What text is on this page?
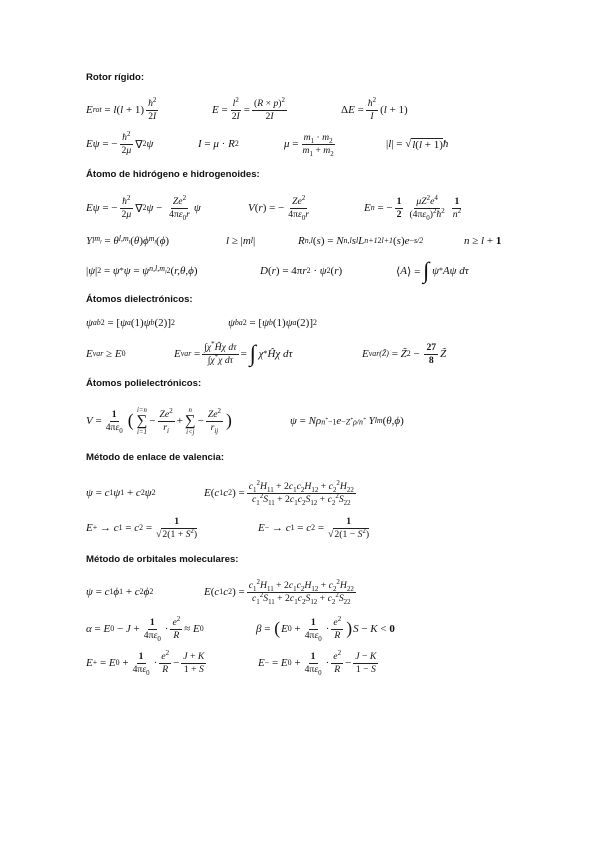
Rotor rígido:
E rot
= l ( l + 1)
$ħ^2$
2I	$E = \frac{l^2}{2I} = \frac{(R \times p)^2}{2I}$	Δ $E = \frac{ħ^2}{I}$ ( l + 1)
Eψ = − $\frac{ħ^2}{2\mu}$ ∇ 2 ψ	I = μ · R 2	$\mu = \frac{m_1 \cdot m_2}{m_1 + m_2}$	| l |
=
√ l(l + 1) ħ
Átomo de hidrógeno e hidrogenoides:
Eψ = − $\frac{ħ^2}{2\mu}$ ∇ 2 $\psi - \frac{Ze^2}{4\pi\varepsilon_0r}$ ψ	V ( r ) = − $\frac{Ze^2}{4\pi\varepsilon_0r}$	E n
= − $\frac{1}{2} \mu Z^2e^4$
$(4\pi\varepsilon_0)^2ħ^2$
1
$n^2$
Y l $m_l$
= θ $l,m_l$ ( θ ) ϕ $m_l$ ( ϕ )	l ≥ | m l |	R n,l ( s ) = N n,l s l L n+1 2l+1 ( s ) e −s/2	n ≥ l + 1
| ψ | 2
= ψ * ψ = ψ $n,l,m_l$ 2 ( r,θ,ϕ )	D ( r ) = 4π r 2 · ψ 2 ( r )	⟨ A ⟩ = ∫ ψ * Aψ dτ
Átomos dielectrónicos:
ψ ab 2
= [ ψ a (1) ψ b (2)] 2	ψ ba 2
= [ ψ b (1) ψ a (2)] 2
E var
≥ E 0	E var
= $\frac{\int\chi^*Ĥ\chi d\tau}{\int\chi^*\chi d\tau}$ =
∫ χ * Ĥχ dτ	E var (Z̃)
= Z̃ $2 - \frac{27}{8}$ Z̃
Átomos polielectrónicos:
$V = \frac{1}{4\pi\varepsilon_0}$ (
i=n
∑
i=1
− $\frac{Ze^2}{r_i}$ +
n
∑
i<j
−
$Ze^2$
$r_{ij}$
)	ψ = Nρ n*−1 e −Z*ρ/n* Y lm ( θ,ϕ )
Método de enlace de valencia:
ψ = c 1 ψ 1 + c 2 ψ 2	E ( c 1 c 2 ) = $\frac{c_1^2H_{11} + 2c_1c_2H_{12} + c_2^2H_{22}}{c_1^2S_{11} + 2c_1c_2S_{12} + c_2^2S_{22}}$
E +
→ c 1
= c 2
= $\frac{1}{√2(1 + S^2)}$	E −
→ c 1
= c 2
= $\frac{1}{√2(1 - S^2)}$
Método de orbitales moleculares:
ψ = c 1 ϕ 1 + c 2 ϕ 2	E ( c 1 c 2 ) = $\frac{c_1^2H_{11} + 2c_1c_2H_{12} + c_2^2H_{22}}{c_1^2S_{11} + 2c_1c_2S_{12} + c_2^2S_{22}}$
α = E $0 - J + \frac{1}{4\pi\varepsilon_0} \cdot \frac{e^2}{R} \approx E$ 0	β =
( E $0 + \frac{1}{4\pi\varepsilon_0}$ ·
$e^2$
R ) S − K < 0
E +
= E $0 + \frac{1}{4\pi\varepsilon_0}$ ·
$e^2$
$R - \frac{J + K}{1 + S}$	E −
= E $0 + \frac{1}{4\pi\varepsilon_0}$ ·
$e^2$
$R - \frac{J - K}{1 - S}$
